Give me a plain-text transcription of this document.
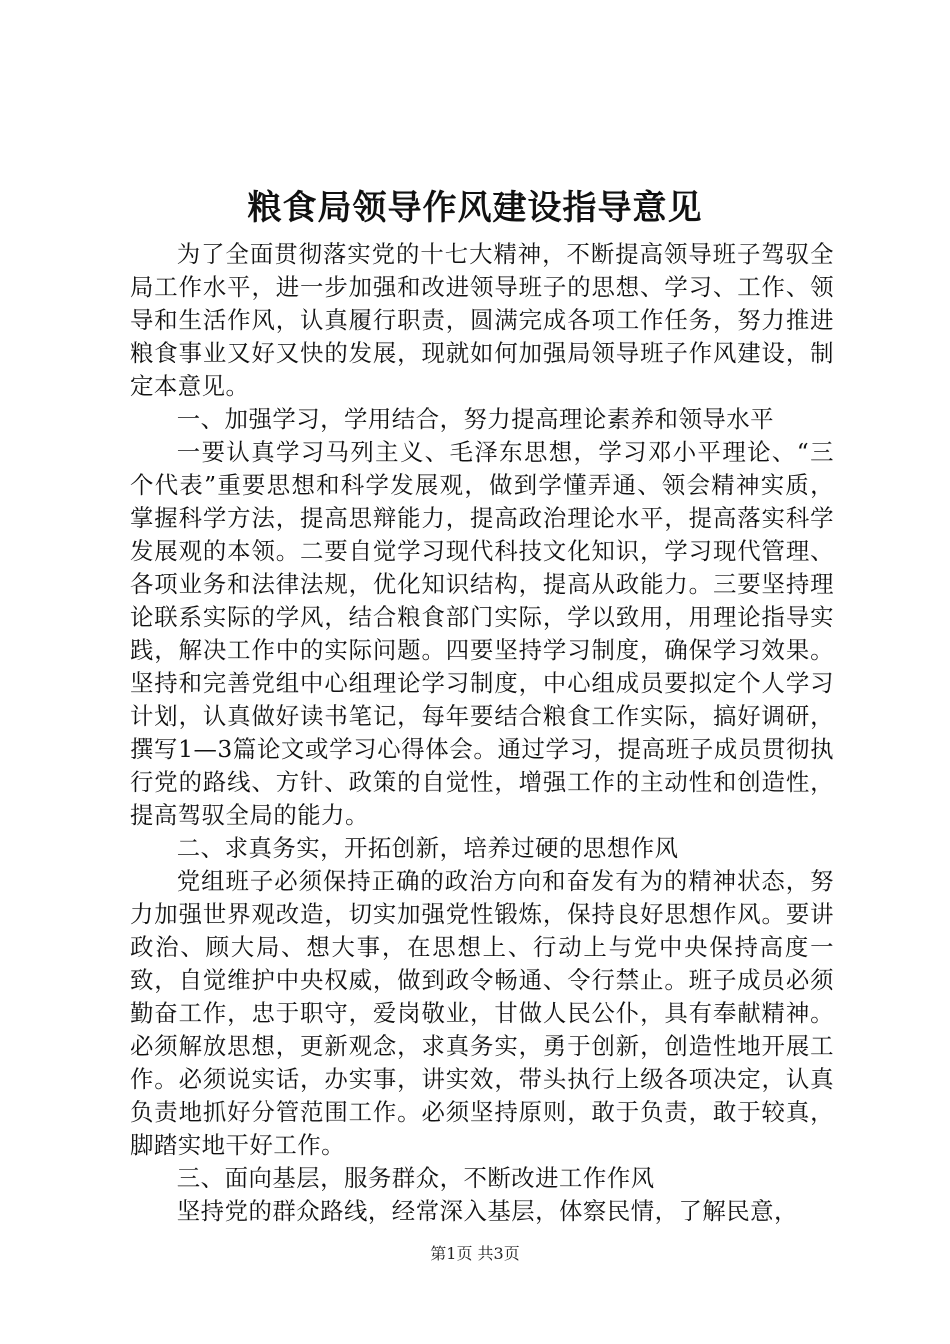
粮食局领导作风建设指导意见

为了全面贯彻落实党的十七大精神，不断提高领导班子驾驭全局工作水平，进一步加强和改进领导班子的思想、学习、工作、领导和生活作风，认真履行职责，圆满完成各项工作任务，努力推进粮食事业又好又快的发展，现就如何加强局领导班子作风建设，制定本意见。

一、加强学习，学用结合，努力提高理论素养和领导水平

一要认真学习马列主义、毛泽东思想，学习邓小平理论、“三个代表”重要思想和科学发展观，做到学懂弄通、领会精神实质，掌握科学方法，提高思辩能力，提高政治理论水平，提高落实科学发展观的本领。二要自觉学习现代科技文化知识，学习现代管理、各项业务和法律法规，优化知识结构，提高从政能力。三要坚持理论联系实际的学风，结合粮食部门实际，学以致用，用理论指导实践，解决工作中的实际问题。四要坚持学习制度，确保学习效果。坚持和完善党组中心组理论学习制度，中心组成员要拟定个人学习计划，认真做好读书笔记，每年要结合粮食工作实际，搞好调研，撰写1—3篇论文或学习心得体会。通过学习，提高班子成员贯彻执行党的路线、方针、政策的自觉性，增强工作的主动性和创造性，提高驾驭全局的能力。

二、求真务实，开拓创新，培养过硬的思想作风

党组班子必须保持正确的政治方向和奋发有为的精神状态，努力加强世界观改造，切实加强党性锻炼，保持良好思想作风。要讲政治、顾大局、想大事，在思想上、行动上与党中央保持高度一致，自觉维护中央权威，做到政令畅通、令行禁止。班子成员必须勤奋工作，忠于职守，爱岗敬业，甘做人民公仆，具有奉献精神。必须解放思想，更新观念，求真务实，勇于创新，创造性地开展工作。必须说实话，办实事，讲实效，带头执行上级各项决定，认真负责地抓好分管范围工作。必须坚持原则，敢于负责，敢于较真，脚踏实地干好工作。

三、面向基层，服务群众，不断改进工作作风

坚持党的群众路线，经常深入基层，体察民情，了解民意，

第1页 共3页
